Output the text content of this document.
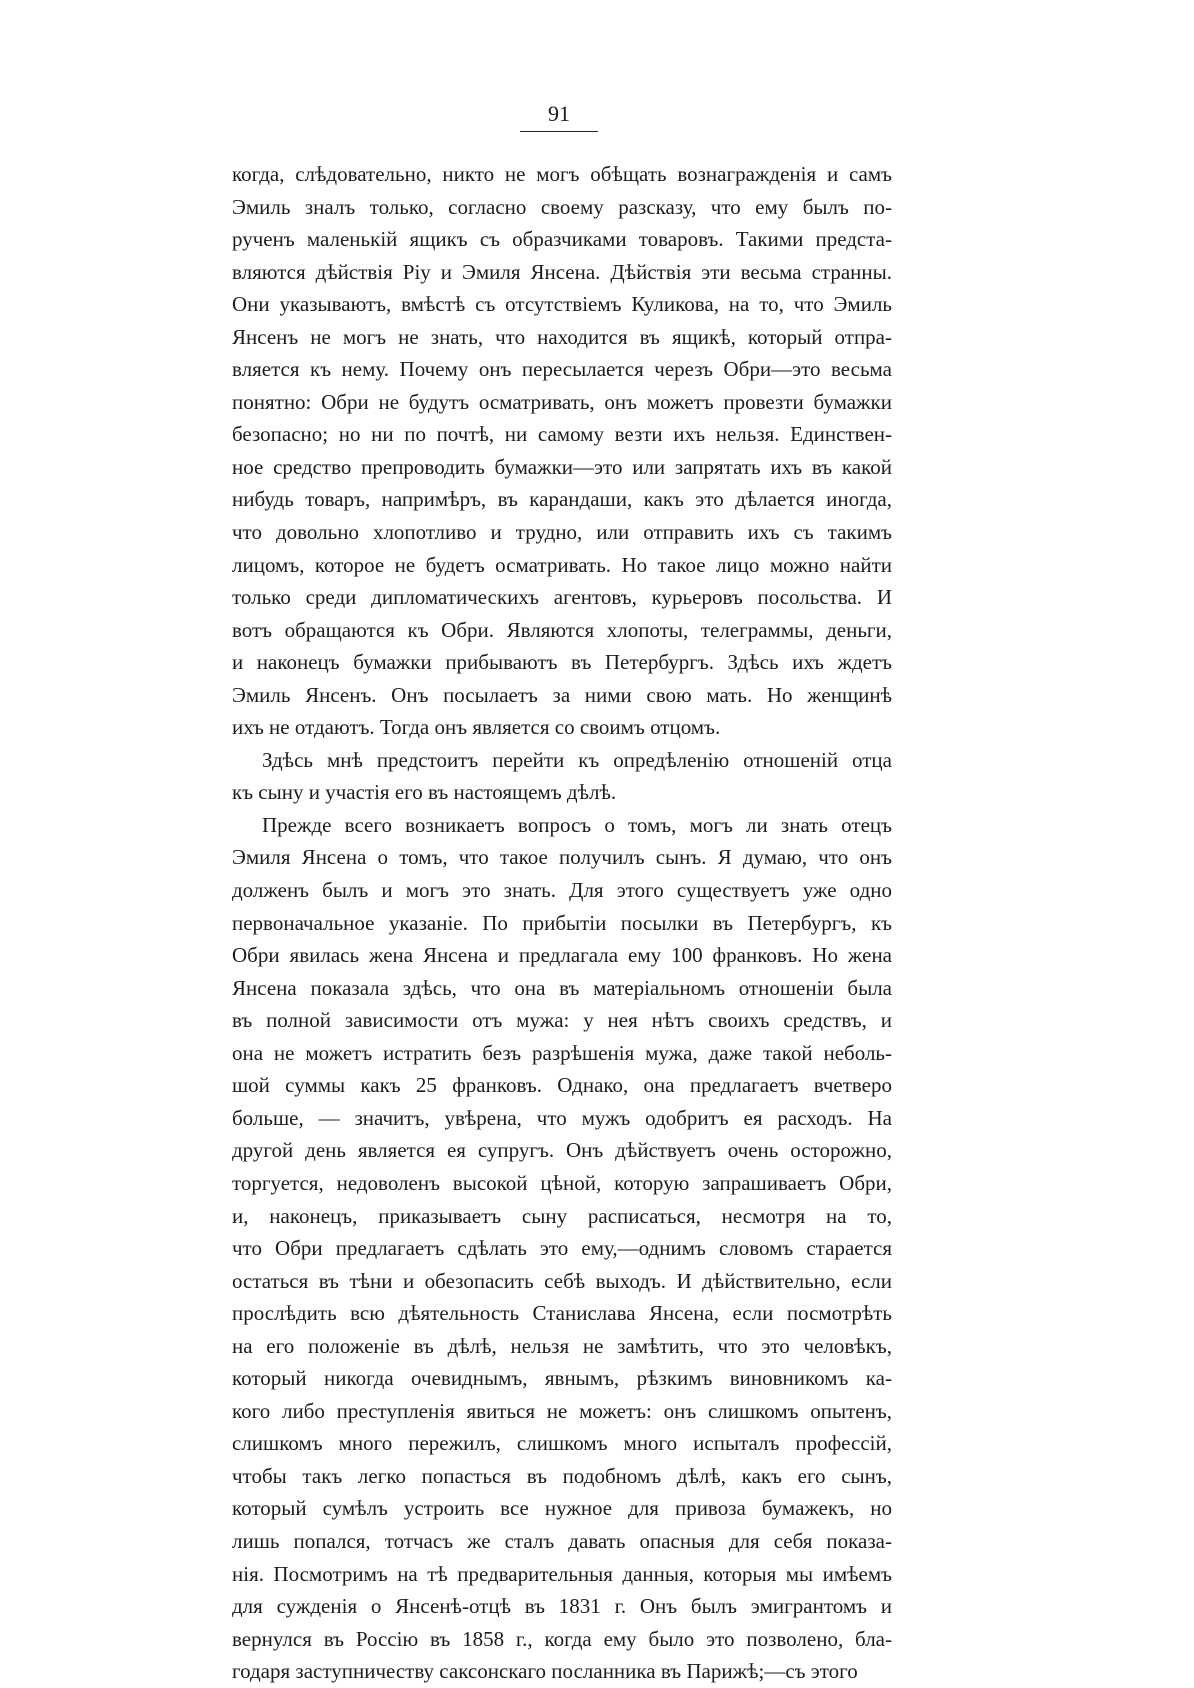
91
когда, слѣдовательно, никто не могъ обѣщать вознагражденія и самъ
Эмиль зналъ только, согласно своему разсказу, что ему былъ по-
рученъ маленькій ящикъ съ образчиками товаровъ. Такими предста-
вляются дѣйствія Ріу и Эмиля Янсена. Дѣйствія эти весьма странны.
Они указываютъ, вмѣстѣ съ отсутствіемъ Куликова, на то, что Эмиль
Янсенъ не могъ не знать, что находится въ ящикѣ, который отпра-
вляется къ нему. Почему онъ пересылается черезъ Обри—это весьма
понятно: Обри не будутъ осматривать, онъ можетъ провезти бумажки
безопасно; но ни по почтѣ, ни самому везти ихъ нельзя. Единствен-
ное средство препроводить бумажки—это или запрятать ихъ въ какой
нибудь товаръ, напримѣръ, въ карандаши, какъ это дѣлается иногда,
что довольно хлопотливо и трудно, или отправить ихъ съ такимъ
лицомъ, которое не будетъ осматривать. Но такое лицо можно найти
только среди дипломатическихъ агентовъ, курьеровъ посольства. И
вотъ обращаются къ Обри. Являются хлопоты, телеграммы, деньги,
и наконецъ бумажки прибываютъ въ Петербургъ. Здѣсь ихъ ждетъ
Эмиль Янсенъ. Онъ посылаетъ за ними свою мать. Но женщинѣ
ихъ не отдаютъ. Тогда онъ является со своимъ отцомъ.
Здѣсь мнѣ предстоитъ перейти къ опредѣленію отношеній отца
къ сыну и участія его въ настоящемъ дѣлѣ.
Прежде всего возникаетъ вопросъ о томъ, могъ ли знать отецъ
Эмиля Янсена о томъ, что такое получилъ сынъ. Я думаю, что онъ
долженъ былъ и могъ это знать. Для этого существуетъ уже одно
первоначальное указаніе. По прибытіи посылки въ Петербургъ, къ
Обри явилась жена Янсена и предлагала ему 100 франковъ. Но жена
Янсена показала здѣсь, что она въ матеріальномъ отношеніи была
въ полной зависимости отъ мужа: у нея нѣтъ своихъ средствъ, и
она не можетъ истратить безъ разрѣшенія мужа, даже такой неболь-
шой суммы какъ 25 франковъ. Однако, она предлагаетъ вчетверо
больше, — значитъ, увѣрена, что мужъ одобритъ ея расходъ. На
другой день является ея супругъ. Онъ дѣйствуетъ очень осторожно,
торгуется, недоволенъ высокой цѣной, которую запрашиваетъ Обри,
и, наконецъ, приказываетъ сыну расписаться, несмотря на то,
что Обри предлагаетъ сдѣлать это ему,—однимъ словомъ старается
остаться въ тѣни и обезопасить себѣ выходъ. И дѣйствительно, если
прослѣдить всю дѣятельность Станислава Янсена, если посмотрѣть
на его положеніе въ дѣлѣ, нельзя не замѣтить, что это человѣкъ,
который никогда очевиднымъ, явнымъ, рѣзкимъ виновникомъ ка-
кого либо преступленія явиться не можетъ: онъ слишкомъ опытенъ,
слишкомъ много пережилъ, слишкомъ много испыталъ профессій,
чтобы такъ легко попасться въ подобномъ дѣлѣ, какъ его сынъ,
который сумѣлъ устроить все нужное для привоза бумажекъ, но
лишь попался, тотчасъ же сталъ давать опасныя для себя показа-
нія. Посмотримъ на тѣ предварительныя данныя, которыя мы имѣемъ
для сужденія о Янсенѣ-отцѣ въ 1831 г. Онъ былъ эмигрантомъ и
вернулся въ Россію въ 1858 г., когда ему было это позволено, бла-
годаря заступничеству саксонскаго посланника въ Парижѣ;—съ этого
